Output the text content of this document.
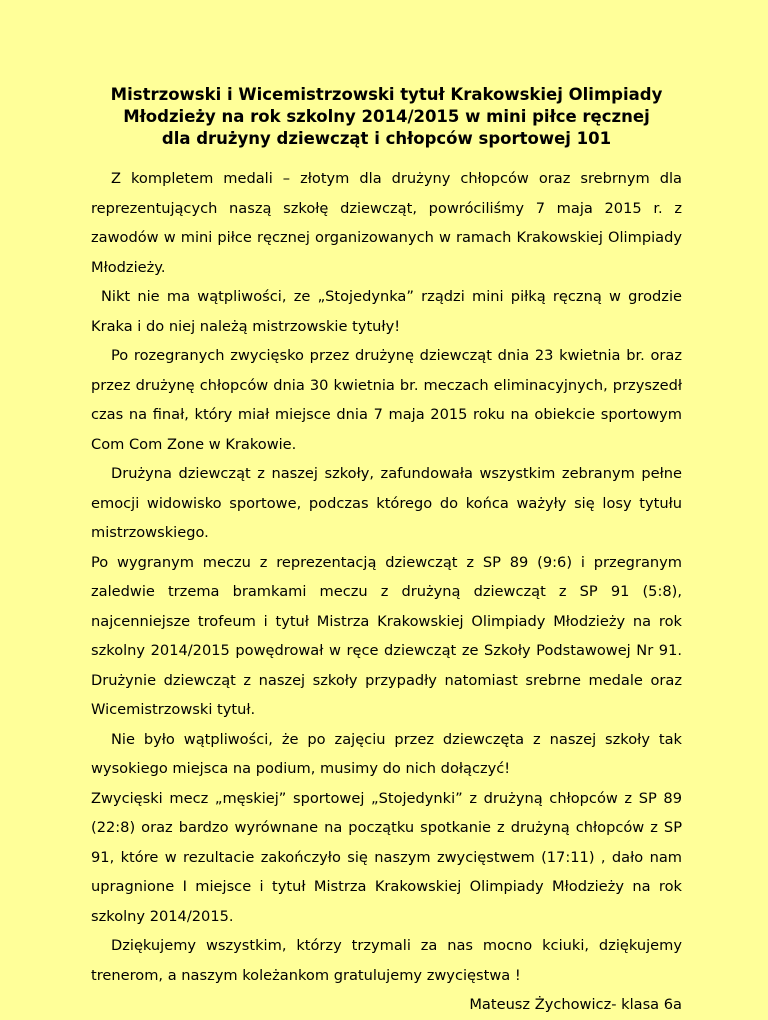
Mistrzowski i Wicemistrzowski tytuł Krakowskiej Olimpiady
Młodzieży na rok szkolny 2014/2015 w mini piłce ręcznej
dla drużyny dziewcząt i chłopców sportowej 101

Z kompletem medali – złotym dla drużyny chłopców oraz srebrnym dla reprezentujących naszą szkołę dziewcząt, powróciliśmy 7 maja 2015 r. z zawodów w mini piłce ręcznej organizowanych w ramach Krakowskiej Olimpiady Młodzieży.

Nikt nie ma wątpliwości, ze „Stojedynka” rządzi mini piłką ręczną w grodzie Kraka i do niej należą mistrzowskie tytuły!

Po rozegranych zwycięsko przez drużynę dziewcząt dnia 23 kwietnia br. oraz przez drużynę chłopców dnia 30 kwietnia br. meczach eliminacyjnych, przyszedł czas na finał, który miał miejsce dnia 7 maja 2015 roku na obiekcie sportowym Com Com Zone w Krakowie.

Drużyna dziewcząt z naszej szkoły, zafundowała wszystkim zebranym pełne emocji widowisko sportowe, podczas którego do końca ważyły się losy tytułu mistrzowskiego.

Po wygranym meczu z reprezentacją dziewcząt z SP 89 (9:6) i przegranym zaledwie trzema bramkami meczu z drużyną dziewcząt z SP 91 (5:8), najcenniejsze trofeum i tytuł Mistrza Krakowskiej Olimpiady Młodzieży na rok szkolny 2014/2015 powędrował w ręce dziewcząt ze Szkoły Podstawowej Nr 91. Drużynie dziewcząt z naszej szkoły przypadły natomiast srebrne medale oraz Wicemistrzowski tytuł.

Nie było wątpliwości, że po zajęciu przez dziewczęta z naszej szkoły tak wysokiego miejsca na podium, musimy do nich dołączyć!

Zwycięski mecz „męskiej” sportowej „Stojedynki” z drużyną chłopców z SP 89 (22:8) oraz bardzo wyrównane na początku spotkanie z drużyną chłopców z SP 91, które w rezultacie zakończyło się naszym zwycięstwem (17:11) , dało nam upragnione I miejsce i tytuł Mistrza Krakowskiej Olimpiady Młodzieży na rok szkolny 2014/2015.

Dziękujemy wszystkim, którzy trzymali za nas mocno kciuki, dziękujemy trenerom, a naszym koleżankom gratulujemy zwycięstwa !

Mateusz Żychowicz- klasa 6a
